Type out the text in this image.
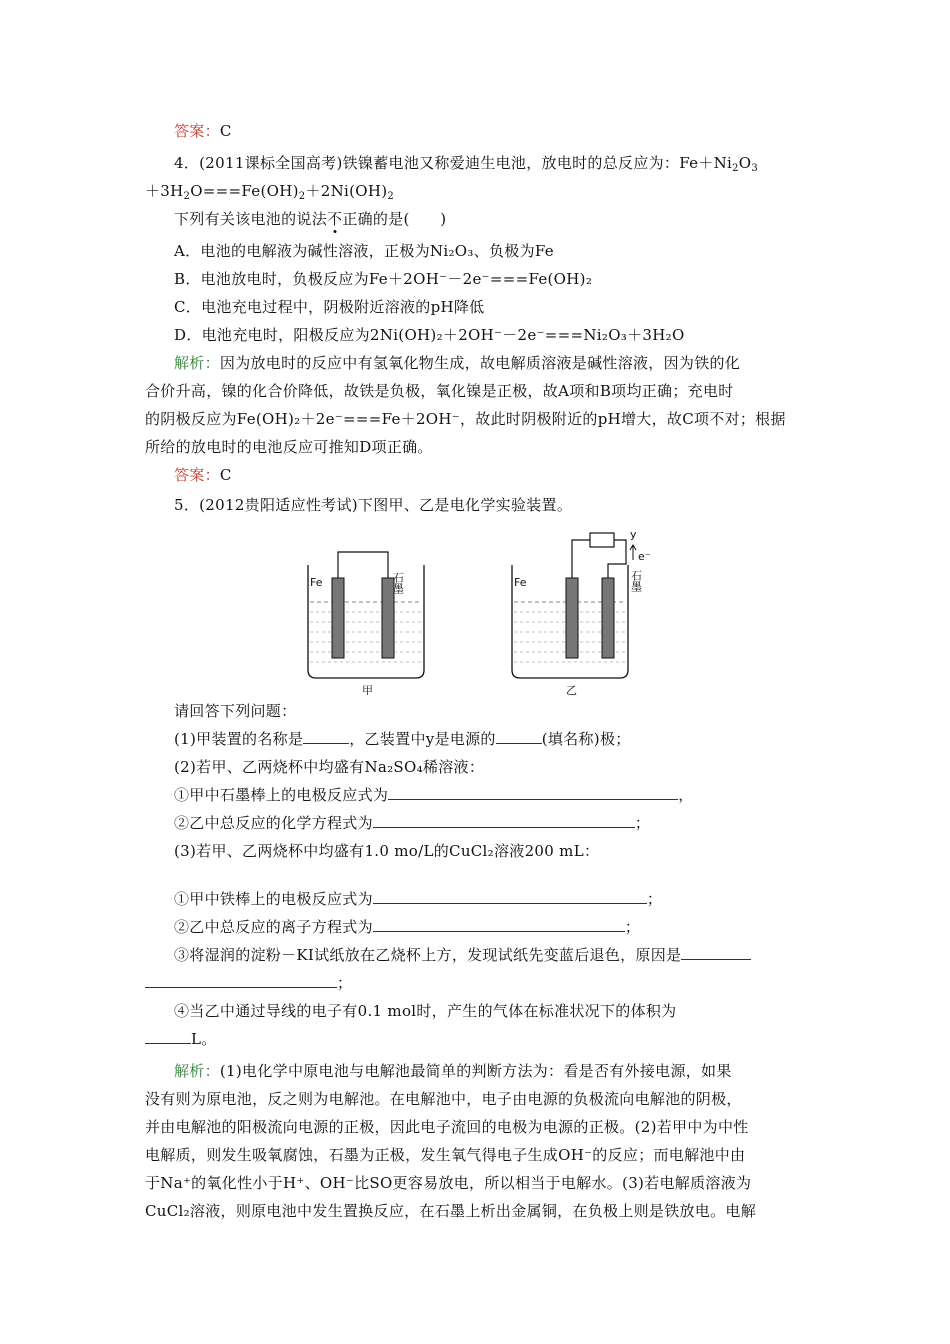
答案：C
4．(2011课标全国高考)铁镍蓄电池又称爱迪生电池，放电时的总反应为：$Fe+Ni_2O_3$
$+3H_2O===Fe(OH)_2+2Ni(OH)_2$
下列有关该电池的说法不正确的是(　　)
A．电池的电解液为碱性溶液，正极为Ni₂O₃、负极为Fe
B．电池放电时，负极反应为Fe＋2OH⁻－2e⁻===Fe(OH)₂
C．电池充电过程中，阴极附近溶液的pH降低
D．电池充电时，阳极反应为2Ni(OH)₂＋2OH⁻－2e⁻===Ni₂O₃＋3H₂O
解析：因为放电时的反应中有氢氧化物生成，故电解质溶液是碱性溶液，因为铁的化
合价升高，镍的化合价降低，故铁是负极，氧化镍是正极，故A项和B项均正确；充电时
的阴极反应为Fe(OH)₂＋2e⁻===Fe＋2OH⁻，故此时阴极附近的pH增大，故C项不对；根据
所给的放电时的电池反应可推知D项正确。
答案：C
5．(2012贵阳适应性考试)下图甲、乙是电化学实验装置。
Fe	石墨
甲
y
e⁻
Fe	石墨
乙
请回答下列问题：
(1)甲装置的名称是	，乙装置中y是电源的	(填名称)极；
(2)若甲、乙两烧杯中均盛有Na₂SO₄稀溶液：
①甲中石墨棒上的电极反应式为	，
②乙中总反应的化学方程式为	；
(3)若甲、乙两烧杯中均盛有1.0 mo/L的CuCl₂溶液200 mL：
①甲中铁棒上的电极反应式为	；
②乙中总反应的离子方程式为	；
③将湿润的淀粉－KI试纸放在乙烧杯上方，发现试纸先变蓝后退色，原因是
；
④当乙中通过导线的电子有0.1 mol时，产生的气体在标准状况下的体积为
L。
解析：(1)电化学中原电池与电解池最简单的判断方法为：看是否有外接电源，如果
没有则为原电池，反之则为电解池。在电解池中，电子由电源的负极流向电解池的阴极，
并由电解池的阳极流向电源的正极，因此电子流回的电极为电源的正极。(2)若甲中为中性
电解质，则发生吸氧腐蚀，石墨为正极，发生氧气得电子生成OH⁻的反应；而电解池中由
于Na⁺的氧化性小于H⁺、OH⁻比SO更容易放电，所以相当于电解水。(3)若电解质溶液为
CuCl₂溶液，则原电池中发生置换反应，在石墨上析出金属铜，在负极上则是铁放电。电解
